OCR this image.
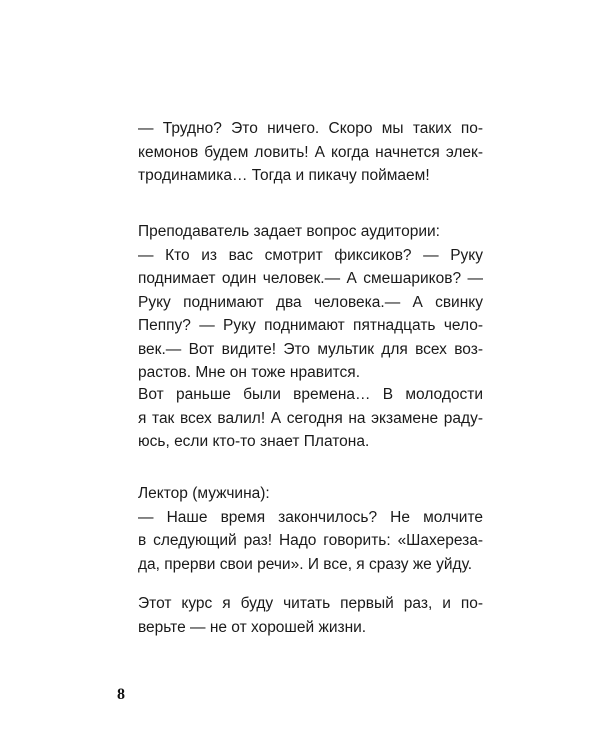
— Трудно? Это ничего. Скоро мы таких по-
кемонов будем ловить! А когда начнется элек-
тродинамика… Тогда и пикачу поймаем!
Преподаватель задает вопрос аудитории:
— Кто из вас смотрит фиксиков? — Руку
поднимает один человек.— А смешариков? —
Руку поднимают два человека.— А свинку
Пеппу? — Руку поднимают пятнадцать чело-
век.— Вот видите! Это мультик для всех воз-
растов. Мне он тоже нравится.
Вот раньше были времена… В молодости
я так всех валил! А сегодня на экзамене раду-
юсь, если кто-то знает Платона.
Лектор (мужчина):
— Наше время закончилось? Не молчите
в следующий раз! Надо говорить: «Шахереза-
да, прерви свои речи». И все, я сразу же уйду.
Этот курс я буду читать первый раз, и по-
верьте — не от хорошей жизни.
8
